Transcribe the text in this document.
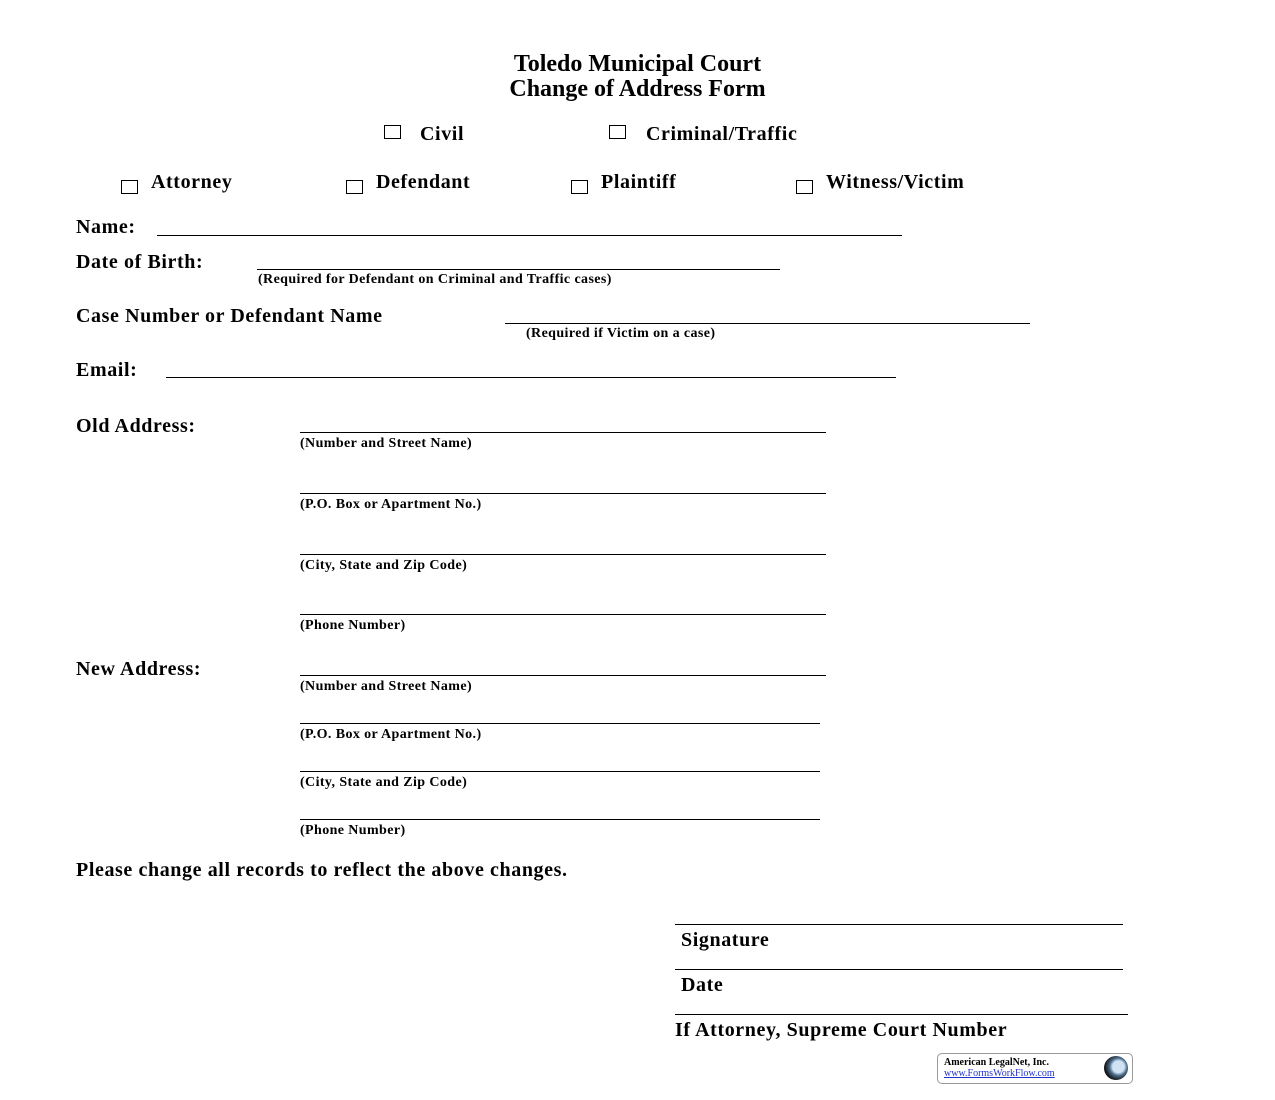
Toledo Municipal Court
Change of Address Form
Civil	Criminal/Traffic
Attorney	Defendant	Plaintiff	Witness/Victim
Name:
Date of Birth:
(Required for Defendant on Criminal and Traffic cases)
Case Number or Defendant Name
(Required if Victim on a case)
Email:
Old Address:
(Number and Street Name)
(P.O. Box or Apartment No.)
(City, State and Zip Code)
(Phone Number)
New Address:
(Number and Street Name)
(P.O. Box or Apartment No.)
(City, State and Zip Code)
(Phone Number)
Please change all records to reflect the above changes.
Signature
Date
If Attorney, Supreme Court Number
American LegalNet, Inc.
www.FormsWorkFlow.com
